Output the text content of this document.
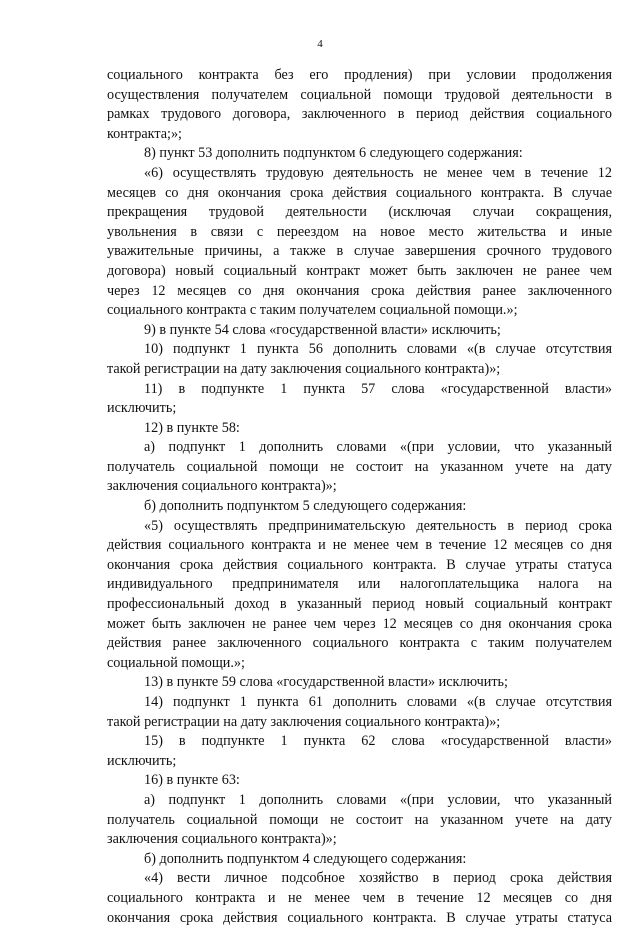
4
социального контракта без его продления) при условии продолжения
осуществления получателем социальной помощи трудовой деятельности в
рамках трудового договора, заключенного в период действия социального
контракта;»;
8) пункт 53 дополнить подпунктом 6 следующего содержания:
«6) осуществлять трудовую деятельность не менее чем в течение 12
месяцев со дня окончания срока действия социального контракта. В случае
прекращения трудовой деятельности (исключая случаи сокращения,
увольнения в связи с переездом на новое место жительства и иные
уважительные причины, а также в случае завершения срочного трудового
договора) новый социальный контракт может быть заключен не ранее чем
через 12 месяцев со дня окончания срока действия ранее заключенного
социального контракта с таким получателем социальной помощи.»;
9) в пункте 54 слова «государственной власти» исключить;
10) подпункт 1 пункта 56 дополнить словами «(в случае отсутствия
такой регистрации на дату заключения социального контракта)»;
11) в подпункте 1 пункта 57 слова «государственной власти»
исключить;
12) в пункте 58:
а) подпункт 1 дополнить словами «(при условии, что указанный
получатель социальной помощи не состоит на указанном учете на дату
заключения социального контракта)»;
б) дополнить подпунктом 5 следующего содержания:
«5) осуществлять предпринимательскую деятельность в период срока
действия социального контракта и не менее чем в течение 12 месяцев со дня
окончания срока действия социального контракта. В случае утраты статуса
индивидуального предпринимателя или налогоплательщика налога на
профессиональный доход в указанный период новый социальный контракт
может быть заключен не ранее чем через 12 месяцев со дня окончания срока
действия ранее заключенного социального контракта с таким получателем
социальной помощи.»;
13) в пункте 59 слова «государственной власти» исключить;
14) подпункт 1 пункта 61 дополнить словами «(в случае отсутствия
такой регистрации на дату заключения социального контракта)»;
15) в подпункте 1 пункта 62 слова «государственной власти»
исключить;
16) в пункте 63:
а) подпункт 1 дополнить словами «(при условии, что указанный
получатель социальной помощи не состоит на указанном учете на дату
заключения социального контракта)»;
б) дополнить подпунктом 4 следующего содержания:
«4) вести личное подсобное хозяйство в период срока действия
социального контракта и не менее чем в течение 12 месяцев со дня
окончания срока действия социального контракта. В случае утраты статуса
